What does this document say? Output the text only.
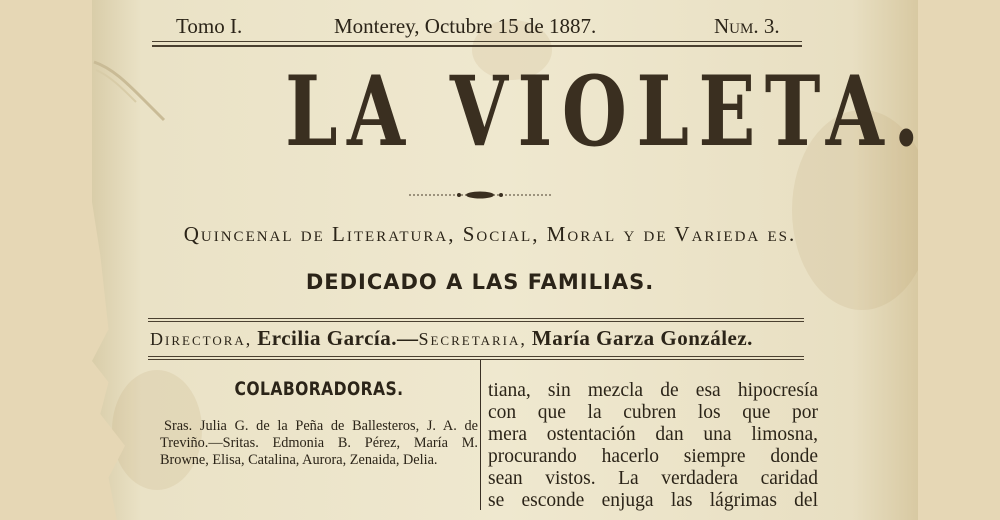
Tomo I.	Monterey, Octubre 15 de 1887.	Num. 3.
LA VIOLETA.
Quincenal de Literatura, Social, Moral y de Varieda es.
DEDICADO A LAS FAMILIAS.
Directora, Ercilia García.—Secretaria, María Garza González.
COLABORADORAS.
Sras. Julia G. de la Peña de Ballesteros, J. A. de Treviño.—Sritas. Edmonia B. Pérez, María M. Browne, Elisa, Catalina, Aurora, Zenaida, Delia.
tiana, sin mezcla de esa hipocresía
con que la cubren los que por
mera ostentación dan una limosna,
procurando hacerlo siempre donde
sean vistos. La verdadera caridad
se esconde enjuga las lágrimas del
